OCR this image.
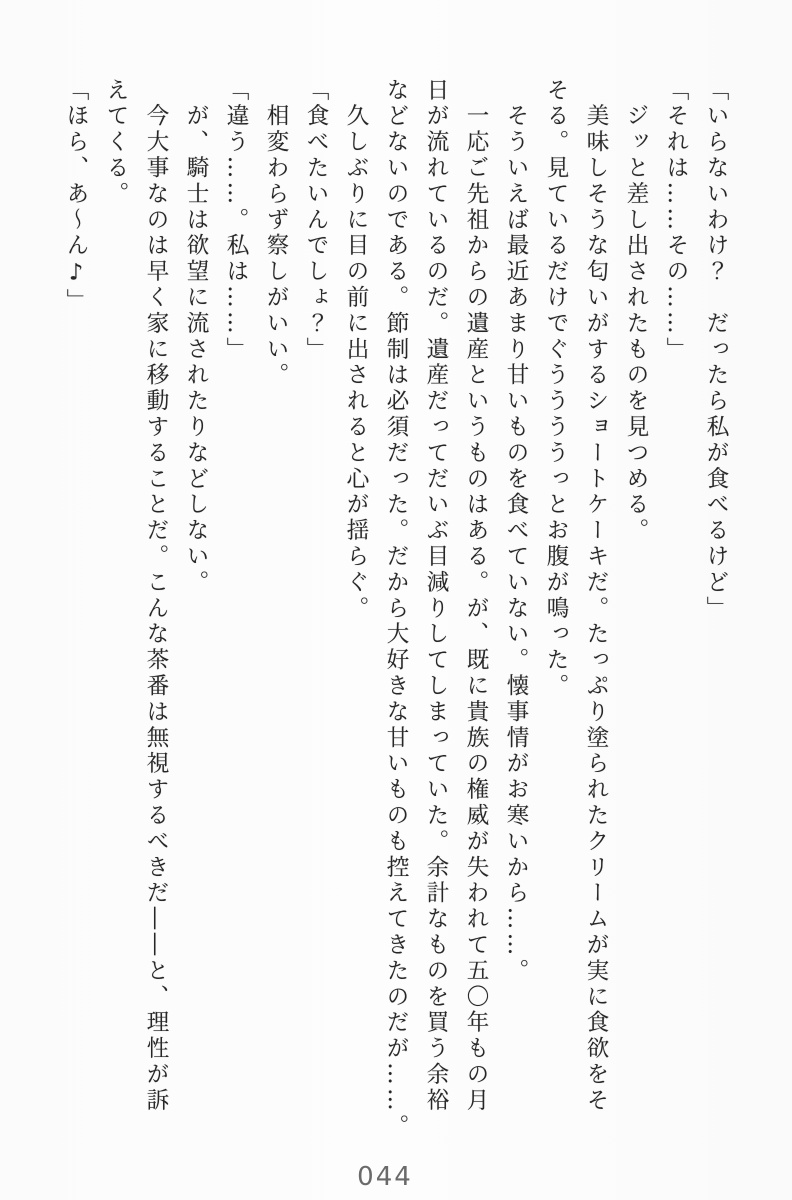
「いらないわけ？　だったら私が食べるけど」

「それは……その……」

　ジッと差し出されたものを見つめる。

　美味しそうな匂いがするショートケーキだ。たっぷり塗られたクリームが実に食欲をそ

そる。見ているだけでぐううううっとお腹が鳴った。

　そういえば最近あまり甘いものを食べていない。懐事情がお寒いから……。

　一応ご先祖からの遺産というものはある。が、既に貴族の権威が失われて五〇年もの月

日が流れているのだ。遺産だってだいぶ目減りしてしまっていた。余計なものを買う余裕

などないのである。節制は必須だった。だから大好きな甘いものも控えてきたのだが……。

　久しぶりに目の前に出されると心が揺らぐ。

「食べたいんでしょ？」

　相変わらず察しがいい。

「違う……。私は……」

　が、騎士は欲望に流されたりなどしない。

　今大事なのは早く家に移動することだ。こんな茶番は無視するべきだ――と、理性が訴

えてくる。

「ほら、あ〜ん♪」

044
